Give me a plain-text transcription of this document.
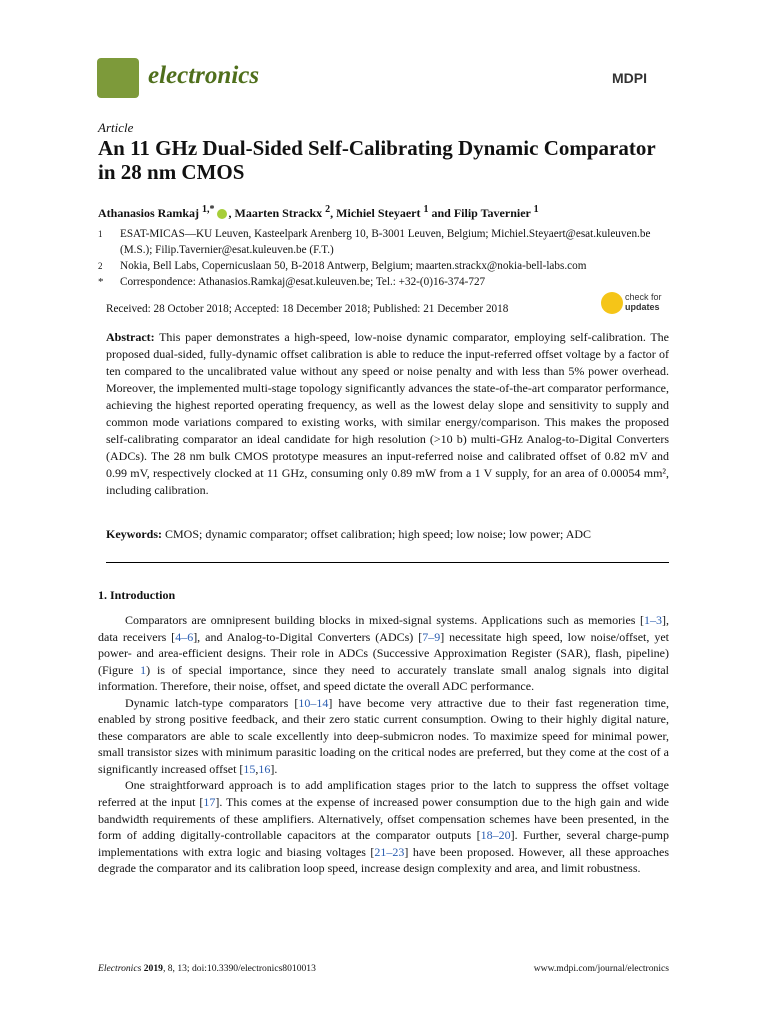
electronics	MDPI
Article
An 11 GHz Dual-Sided Self-Calibrating Dynamic Comparator in 28 nm CMOS
Athanasios Ramkaj $^{1,*}$ , Maarten Strackx $^2$, Michiel Steyaert $^1$ and Filip Tavernier $^1$
1	ESAT-MICAS—KU Leuven, Kasteelpark Arenberg 10, B-3001 Leuven, Belgium; Michiel.Steyaert@esat.kuleuven.be (M.S.); Filip.Tavernier@esat.kuleuven.be (F.T.)
2	Nokia, Bell Labs, Copernicuslaan 50, B-2018 Antwerp, Belgium; maarten.strackx@nokia-bell-labs.com
*	Correspondence: Athanasios.Ramkaj@esat.kuleuven.be; Tel.: +32-(0)16-374-727
Received: 28 October 2018; Accepted: 18 December 2018; Published: 21 December 2018
check for
updates
Abstract: This paper demonstrates a high-speed, low-noise dynamic comparator, employing self-calibration. The proposed dual-sided, fully-dynamic offset calibration is able to reduce the input-referred offset voltage by a factor of ten compared to the uncalibrated value without any speed or noise penalty and with less than 5% power overhead. Moreover, the implemented multi-stage topology significantly advances the state-of-the-art comparator performance, achieving the highest reported operating frequency, as well as the lowest delay slope and sensitivity to supply and common mode variations compared to existing works, with similar energy/comparison. This makes the proposed self-calibrating comparator an ideal candidate for high resolution (>10 b) multi-GHz Analog-to-Digital Converters (ADCs). The 28 nm bulk CMOS prototype measures an input-referred noise and calibrated offset of 0.82 mV and 0.99 mV, respectively clocked at 11 GHz, consuming only 0.89 mW from a 1 V supply, for an area of 0.00054 mm², including calibration.
Keywords: CMOS; dynamic comparator; offset calibration; high speed; low noise; low power; ADC
1. Introduction

Comparators are omnipresent building blocks in mixed-signal systems. Applications such as memories [1–3], data receivers [4–6], and Analog-to-Digital Converters (ADCs) [7–9] necessitate high speed, low noise/offset, yet power- and area-efficient designs. Their role in ADCs (Successive Approximation Register (SAR), flash, pipeline) (Figure 1) is of special importance, since they need to accurately translate small analog signals into digital information. Therefore, their noise, offset, and speed dictate the overall ADC performance.

Dynamic latch-type comparators [10–14] have become very attractive due to their fast regeneration time, enabled by strong positive feedback, and their zero static current consumption. Owing to their highly digital nature, these comparators are able to scale excellently into deep-submicron nodes. To maximize speed for minimal power, small transistor sizes with minimum parasitic loading on the critical nodes are preferred, but they come at the cost of a significantly increased offset [15,16].

One straightforward approach is to add amplification stages prior to the latch to suppress the offset voltage referred at the input [17]. This comes at the expense of increased power consumption due to the high gain and wide bandwidth requirements of these amplifiers. Alternatively, offset compensation schemes have been presented, in the form of adding digitally-controllable capacitors at the comparator outputs [18–20]. Further, several charge-pump implementations with extra logic and biasing voltages [21–23] have been proposed. However, all these approaches degrade the comparator and its calibration loop speed, increase design complexity and area, and limit robustness.

Electronics 2019, 8, 13; doi:10.3390/electronics8010013	www.mdpi.com/journal/electronics
